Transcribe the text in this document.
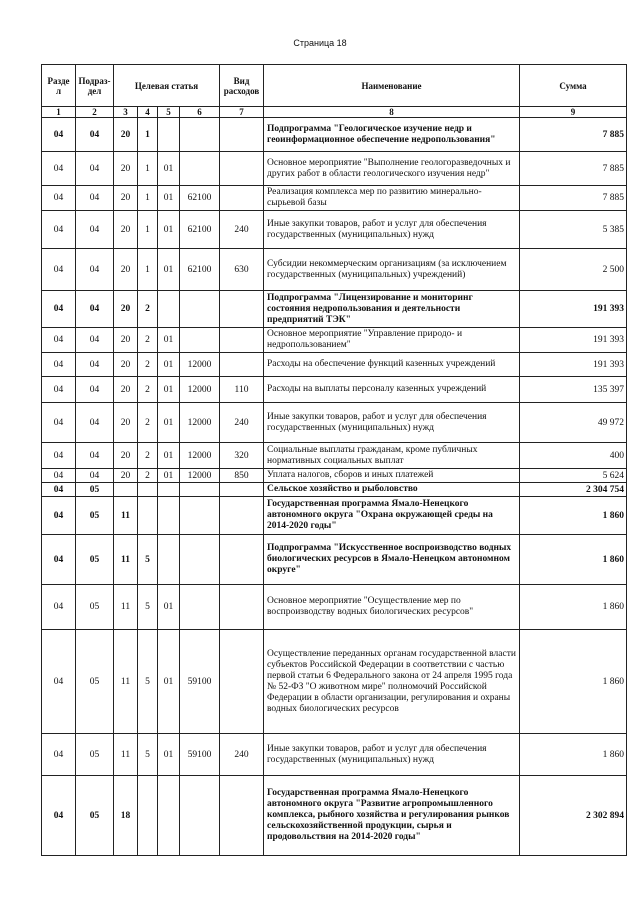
Страница 18
Разде л	Подраз- дел	Целевая статья				Вид расходов	Наименование	Сумма
1	2	3	4	5	6	7	8	9
04	04	20	1				Подпрограмма "Геологическое изучение недр и геоинформационное обеспечение недропользования"	7 885
04	04	20	1	01			Основное мероприятие "Выполнение геологоразведочных и других работ в области геологического изучения недр"	7 885
04	04	20	1	01	62100		Реализация комплекса мер по развитию минерально-сырьевой базы	7 885
04	04	20	1	01	62100	240	Иные закупки товаров, работ и услуг для обеспечения государственных (муниципальных) нужд	5 385
04	04	20	1	01	62100	630	Субсидии некоммерческим организациям (за исключением государственных (муниципальных) учреждений)	2 500
04	04	20	2				Подпрограмма "Лицензирование и мониторинг состояния недропользования и деятельности предприятий ТЭК"	191 393
04	04	20	2	01			Основное мероприятие "Управление природо- и недропользованием"	191 393
04	04	20	2	01	12000		Расходы на обеспечение функций казенных учреждений	191 393
04	04	20	2	01	12000	110	Расходы на выплаты персоналу казенных учреждений	135 397
04	04	20	2	01	12000	240	Иные закупки товаров, работ и услуг для обеспечения государственных (муниципальных) нужд	49 972
04	04	20	2	01	12000	320	Социальные выплаты гражданам, кроме публичных нормативных социальных выплат	400
04	04	20	2	01	12000	850	Уплата налогов, сборов и иных платежей	5 624
04	05						Сельское хозяйство и рыболовство	2 304 754
04	05	11					Государственная программа Ямало-Ненецкого автономного округа "Охрана окружающей среды на 2014-2020 годы"	1 860
04	05	11	5				Подпрограмма "Искусственное воспроизводство водных биологических ресурсов в Ямало-Ненецком автономном округе"	1 860
04	05	11	5	01			Основное мероприятие "Осуществление мер по воспроизводству водных биологических ресурсов"	1 860
04	05	11	5	01	59100		Осуществление переданных органам государственной власти субъектов Российской Федерации в соответствии с частью первой статьи 6 Федерального закона от 24 апреля 1995 года № 52-ФЗ "О животном мире" полномочий Российской Федерации в области организации, регулирования и охраны водных биологических ресурсов	1 860
04	05	11	5	01	59100	240	Иные закупки товаров, работ и услуг для обеспечения государственных (муниципальных) нужд	1 860
04	05	18					Государственная программа Ямало-Ненецкого автономного округа "Развитие агропромышленного комплекса, рыбного хозяйства и регулирования рынков сельскохозяйственной продукции, сырья и продовольствия на 2014-2020 годы"	2 302 894
